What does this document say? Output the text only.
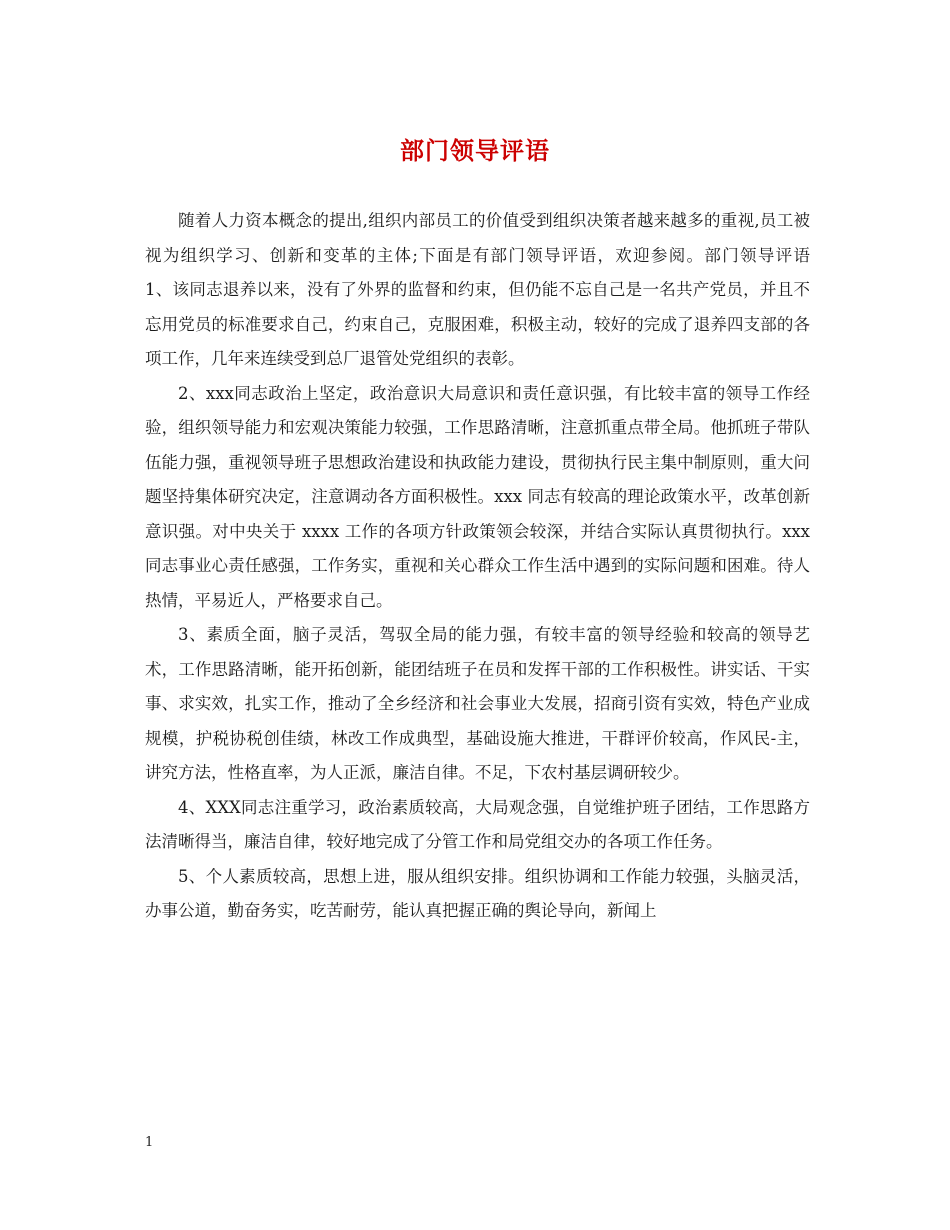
部门领导评语

随着人力资本概念的提出,组织内部员工的价值受到组织决策者越来越多的重视,员工被视为组织学习、创新和变革的主体;下面是有部门领导评语，欢迎参阅。部门领导评语　　1、该同志退养以来，没有了外界的监督和约束，但仍能不忘自己是一名共产党员，并且不忘用党员的标准要求自己，约束自己，克服困难，积极主动，较好的完成了退养四支部的各项工作，几年来连续受到总厂退管处党组织的表彰。

2、xxx同志政治上坚定，政治意识大局意识和责任意识强，有比较丰富的领导工作经验，组织领导能力和宏观决策能力较强，工作思路清晰，注意抓重点带全局。他抓班子带队伍能力强，重视领导班子思想政治建设和执政能力建设，贯彻执行民主集中制原则，重大问题坚持集体研究决定，注意调动各方面积极性。xxx 同志有较高的理论政策水平，改革创新意识强。对中央关于 xxxx 工作的各项方针政策领会较深，并结合实际认真贯彻执行。xxx同志事业心责任感强，工作务实，重视和关心群众工作生活中遇到的实际问题和困难。待人热情，平易近人，严格要求自己。

3、素质全面，脑子灵活，驾驭全局的能力强，有较丰富的领导经验和较高的领导艺术，工作思路清晰，能开拓创新，能团结班子在员和发挥干部的工作积极性。讲实话、干实事、求实效，扎实工作，推动了全乡经济和社会事业大发展，招商引资有实效，特色产业成规模，护税协税创佳绩，林改工作成典型，基础设施大推进，干群评价较高，作风民-主，讲究方法，性格直率，为人正派，廉洁自律。不足，下农村基层调研较少。

4、XXX同志注重学习，政治素质较高，大局观念强，自觉维护班子团结，工作思路方法清晰得当，廉洁自律，较好地完成了分管工作和局党组交办的各项工作任务。

5、个人素质较高，思想上进，服从组织安排。组织协调和工作能力较强，头脑灵活，办事公道，勤奋务实，吃苦耐劳，能认真把握正确的舆论导向，新闻上

1
